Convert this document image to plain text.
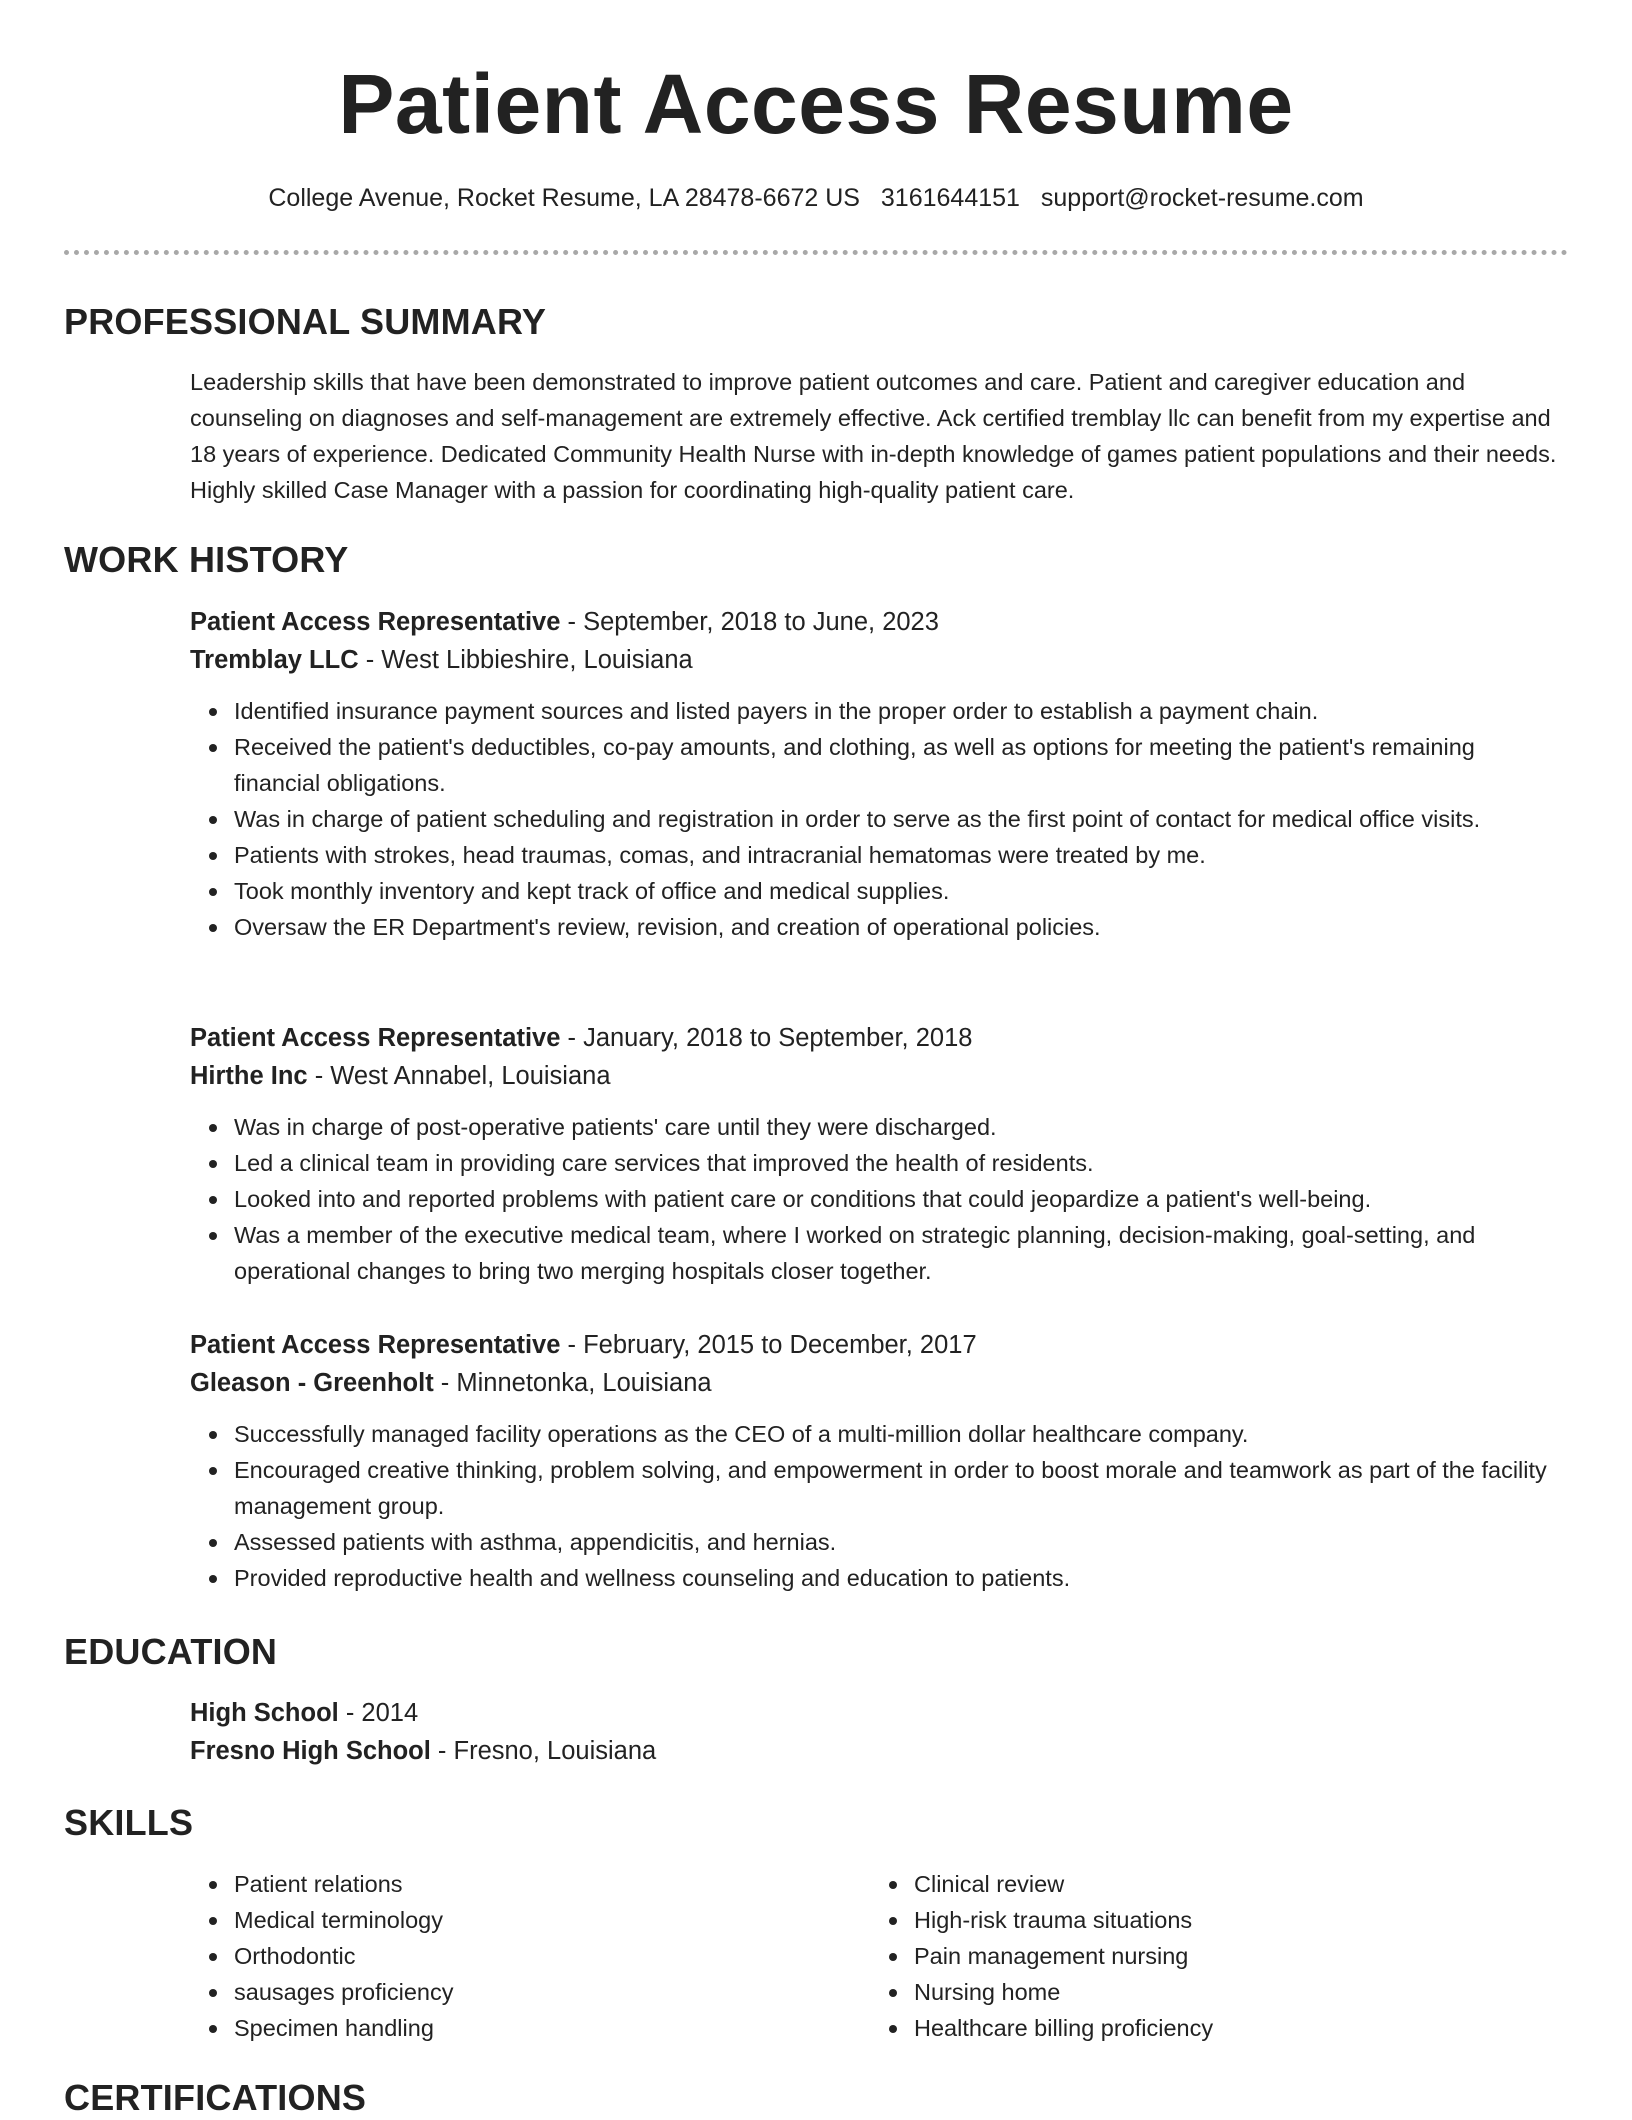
Patient Access Resume
College Avenue, Rocket Resume, LA 28478-6672 US 3161644151 support@rocket-resume.com
PROFESSIONAL SUMMARY

Leadership skills that have been demonstrated to improve patient outcomes and care. Patient and caregiver education and counseling on diagnoses and self-management are extremely effective. Ack certified tremblay llc can benefit from my expertise and 18 years of experience. Dedicated Community Health Nurse with in-depth knowledge of games patient populations and their needs. Highly skilled Case Manager with a passion for coordinating high-quality patient care.

WORK HISTORY

Patient Access Representative - September, 2018 to June, 2023

Tremblay LLC - West Libbieshire, Louisiana

Identified insurance payment sources and listed payers in the proper order to establish a payment chain.
Received the patient's deductibles, co-pay amounts, and clothing, as well as options for meeting the patient's remaining financial obligations.
Was in charge of patient scheduling and registration in order to serve as the first point of contact for medical office visits.
Patients with strokes, head traumas, comas, and intracranial hematomas were treated by me.
Took monthly inventory and kept track of office and medical supplies.
Oversaw the ER Department's review, revision, and creation of operational policies.

Patient Access Representative - January, 2018 to September, 2018

Hirthe Inc - West Annabel, Louisiana

Was in charge of post-operative patients' care until they were discharged.
Led a clinical team in providing care services that improved the health of residents.
Looked into and reported problems with patient care or conditions that could jeopardize a patient's well-being.
Was a member of the executive medical team, where I worked on strategic planning, decision-making, goal-setting, and operational changes to bring two merging hospitals closer together.

Patient Access Representative - February, 2015 to December, 2017

Gleason - Greenholt - Minnetonka, Louisiana

Successfully managed facility operations as the CEO of a multi-million dollar healthcare company.
Encouraged creative thinking, problem solving, and empowerment in order to boost morale and teamwork as part of the facility management group.
Assessed patients with asthma, appendicitis, and hernias.
Provided reproductive health and wellness counseling and education to patients.
EDUCATION

High School - 2014

Fresno High School - Fresno, Louisiana

SKILLS
Patient relations
Medical terminology
Orthodontic
sausages proficiency
Specimen handling
Clinical review
High-risk trauma situations
Pain management nursing
Nursing home
Healthcare billing proficiency
CERTIFICATIONS
